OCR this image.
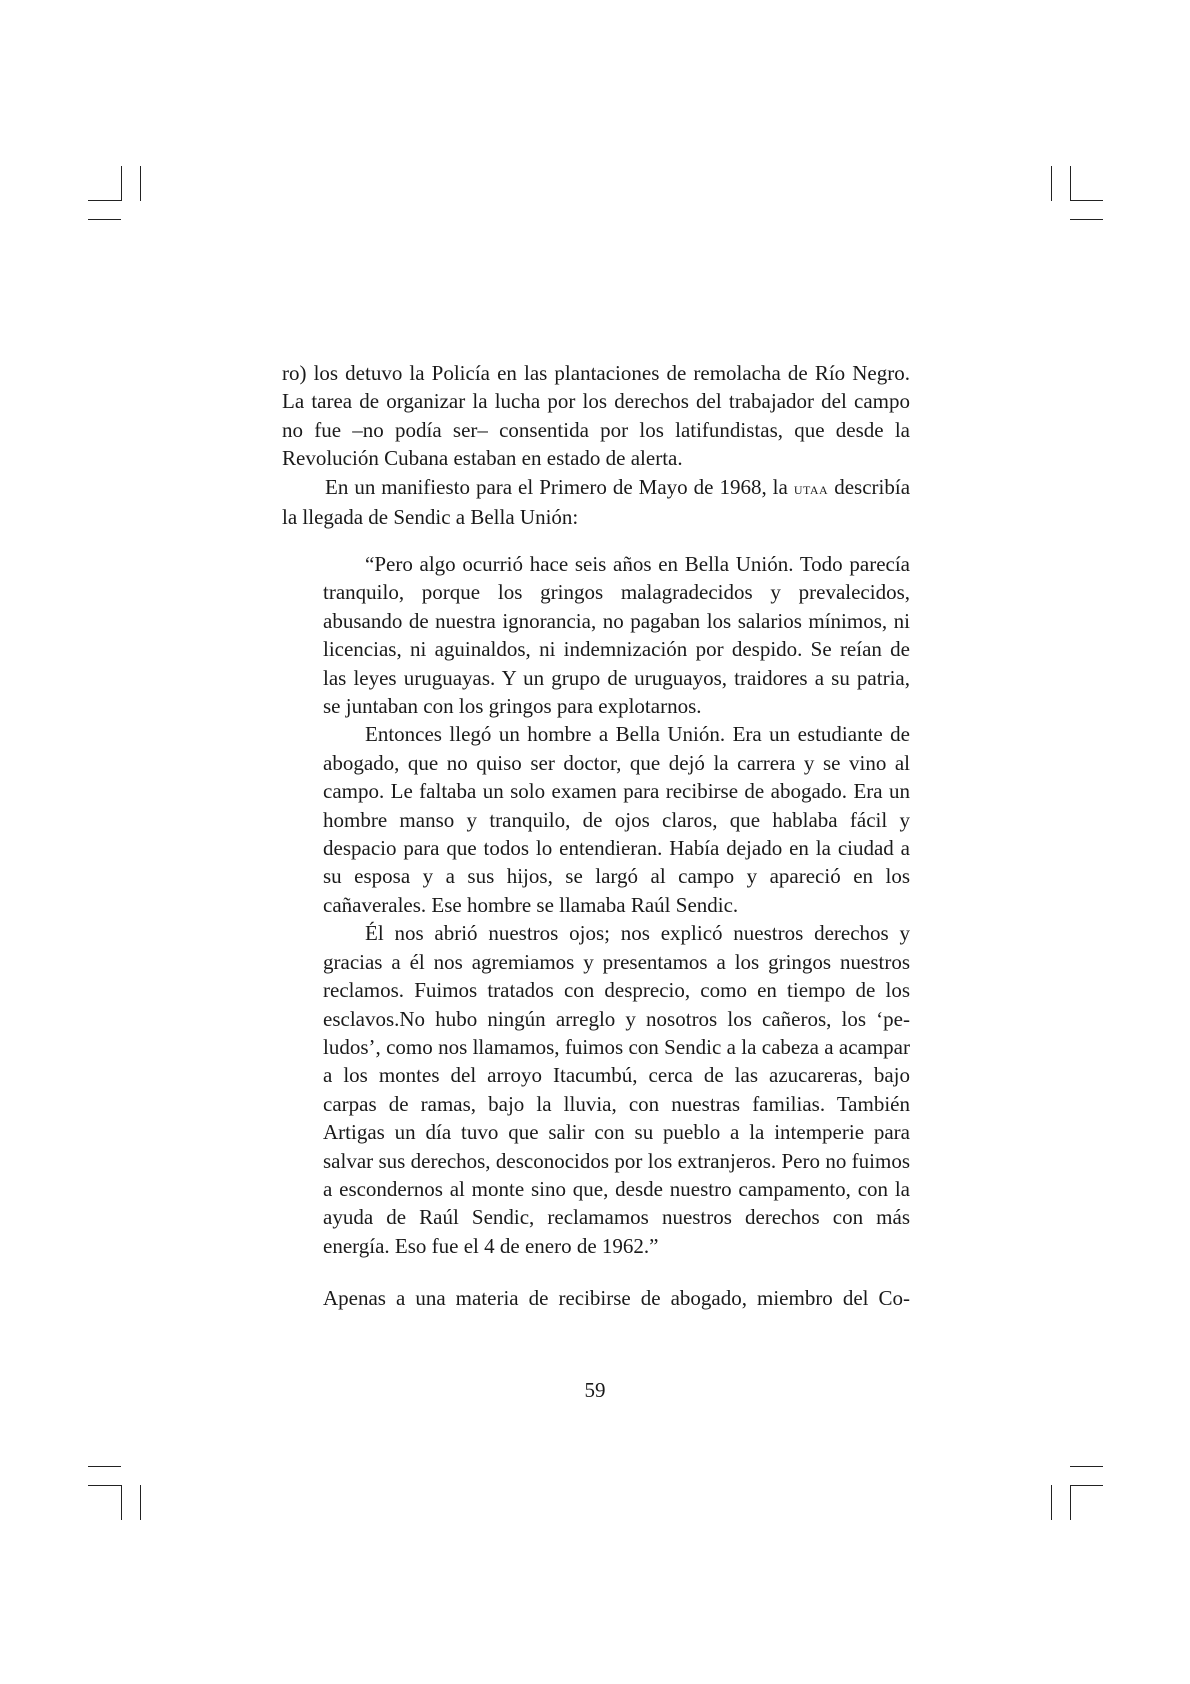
ro) los detuvo la Policía en las plantaciones de remolacha de Río Negro. La tarea de organizar la lucha por los derechos del trabajador del campo no fue –no podía ser– consentida por los latifundistas, que desde la Revolución Cubana estaban en estado de alerta.

En un manifiesto para el Primero de Mayo de 1968, la utaa describía la llegada de Sendic a Bella Unión:

“Pero algo ocurrió hace seis años en Bella Unión. Todo parecía tranquilo, porque los gringos malagradecidos y prevalecidos, abusando de nuestra ignorancia, no pagaban los salarios mínimos, ni licencias, ni aguinaldos, ni indemnización por despido. Se reían de las leyes uruguayas. Y un grupo de uruguayos, traidores a su patria, se juntaban con los gringos para explotarnos.

Entonces llegó un hombre a Bella Unión. Era un estudiante de abogado, que no quiso ser doctor, que dejó la carrera y se vino al campo. Le faltaba un solo examen para recibirse de abogado. Era un hombre manso y tranquilo, de ojos claros, que hablaba fácil y despacio para que todos lo entendieran. Había dejado en la ciudad a su esposa y a sus hijos, se largó al campo y apareció en los cañaverales. Ese hombre se llamaba Raúl Sendic.

Él nos abrió nuestros ojos; nos explicó nuestros derechos y gracias a él nos agremiamos y presentamos a los gringos nuestros reclamos. Fuimos tratados con desprecio, como en tiempo de los esclavos.No hubo ningún arreglo y nosotros los cañeros, los ‘peludos’, como nos llamamos, fuimos con Sendic a la cabeza a acampar a los montes del arroyo Itacumbú, cerca de las azucareras, bajo carpas de ramas, bajo la lluvia, con nuestras familias. También Artigas un día tuvo que salir con su pueblo a la intemperie para salvar sus derechos, desconocidos por los extranjeros. Pero no fuimos a escondernos al monte sino que, desde nuestro campamento, con la ayuda de Raúl Sendic, reclamamos nuestros derechos con más energía. Eso fue el 4 de enero de 1962.”

Apenas a una materia de recibirse de abogado, miembro del Co-
59
